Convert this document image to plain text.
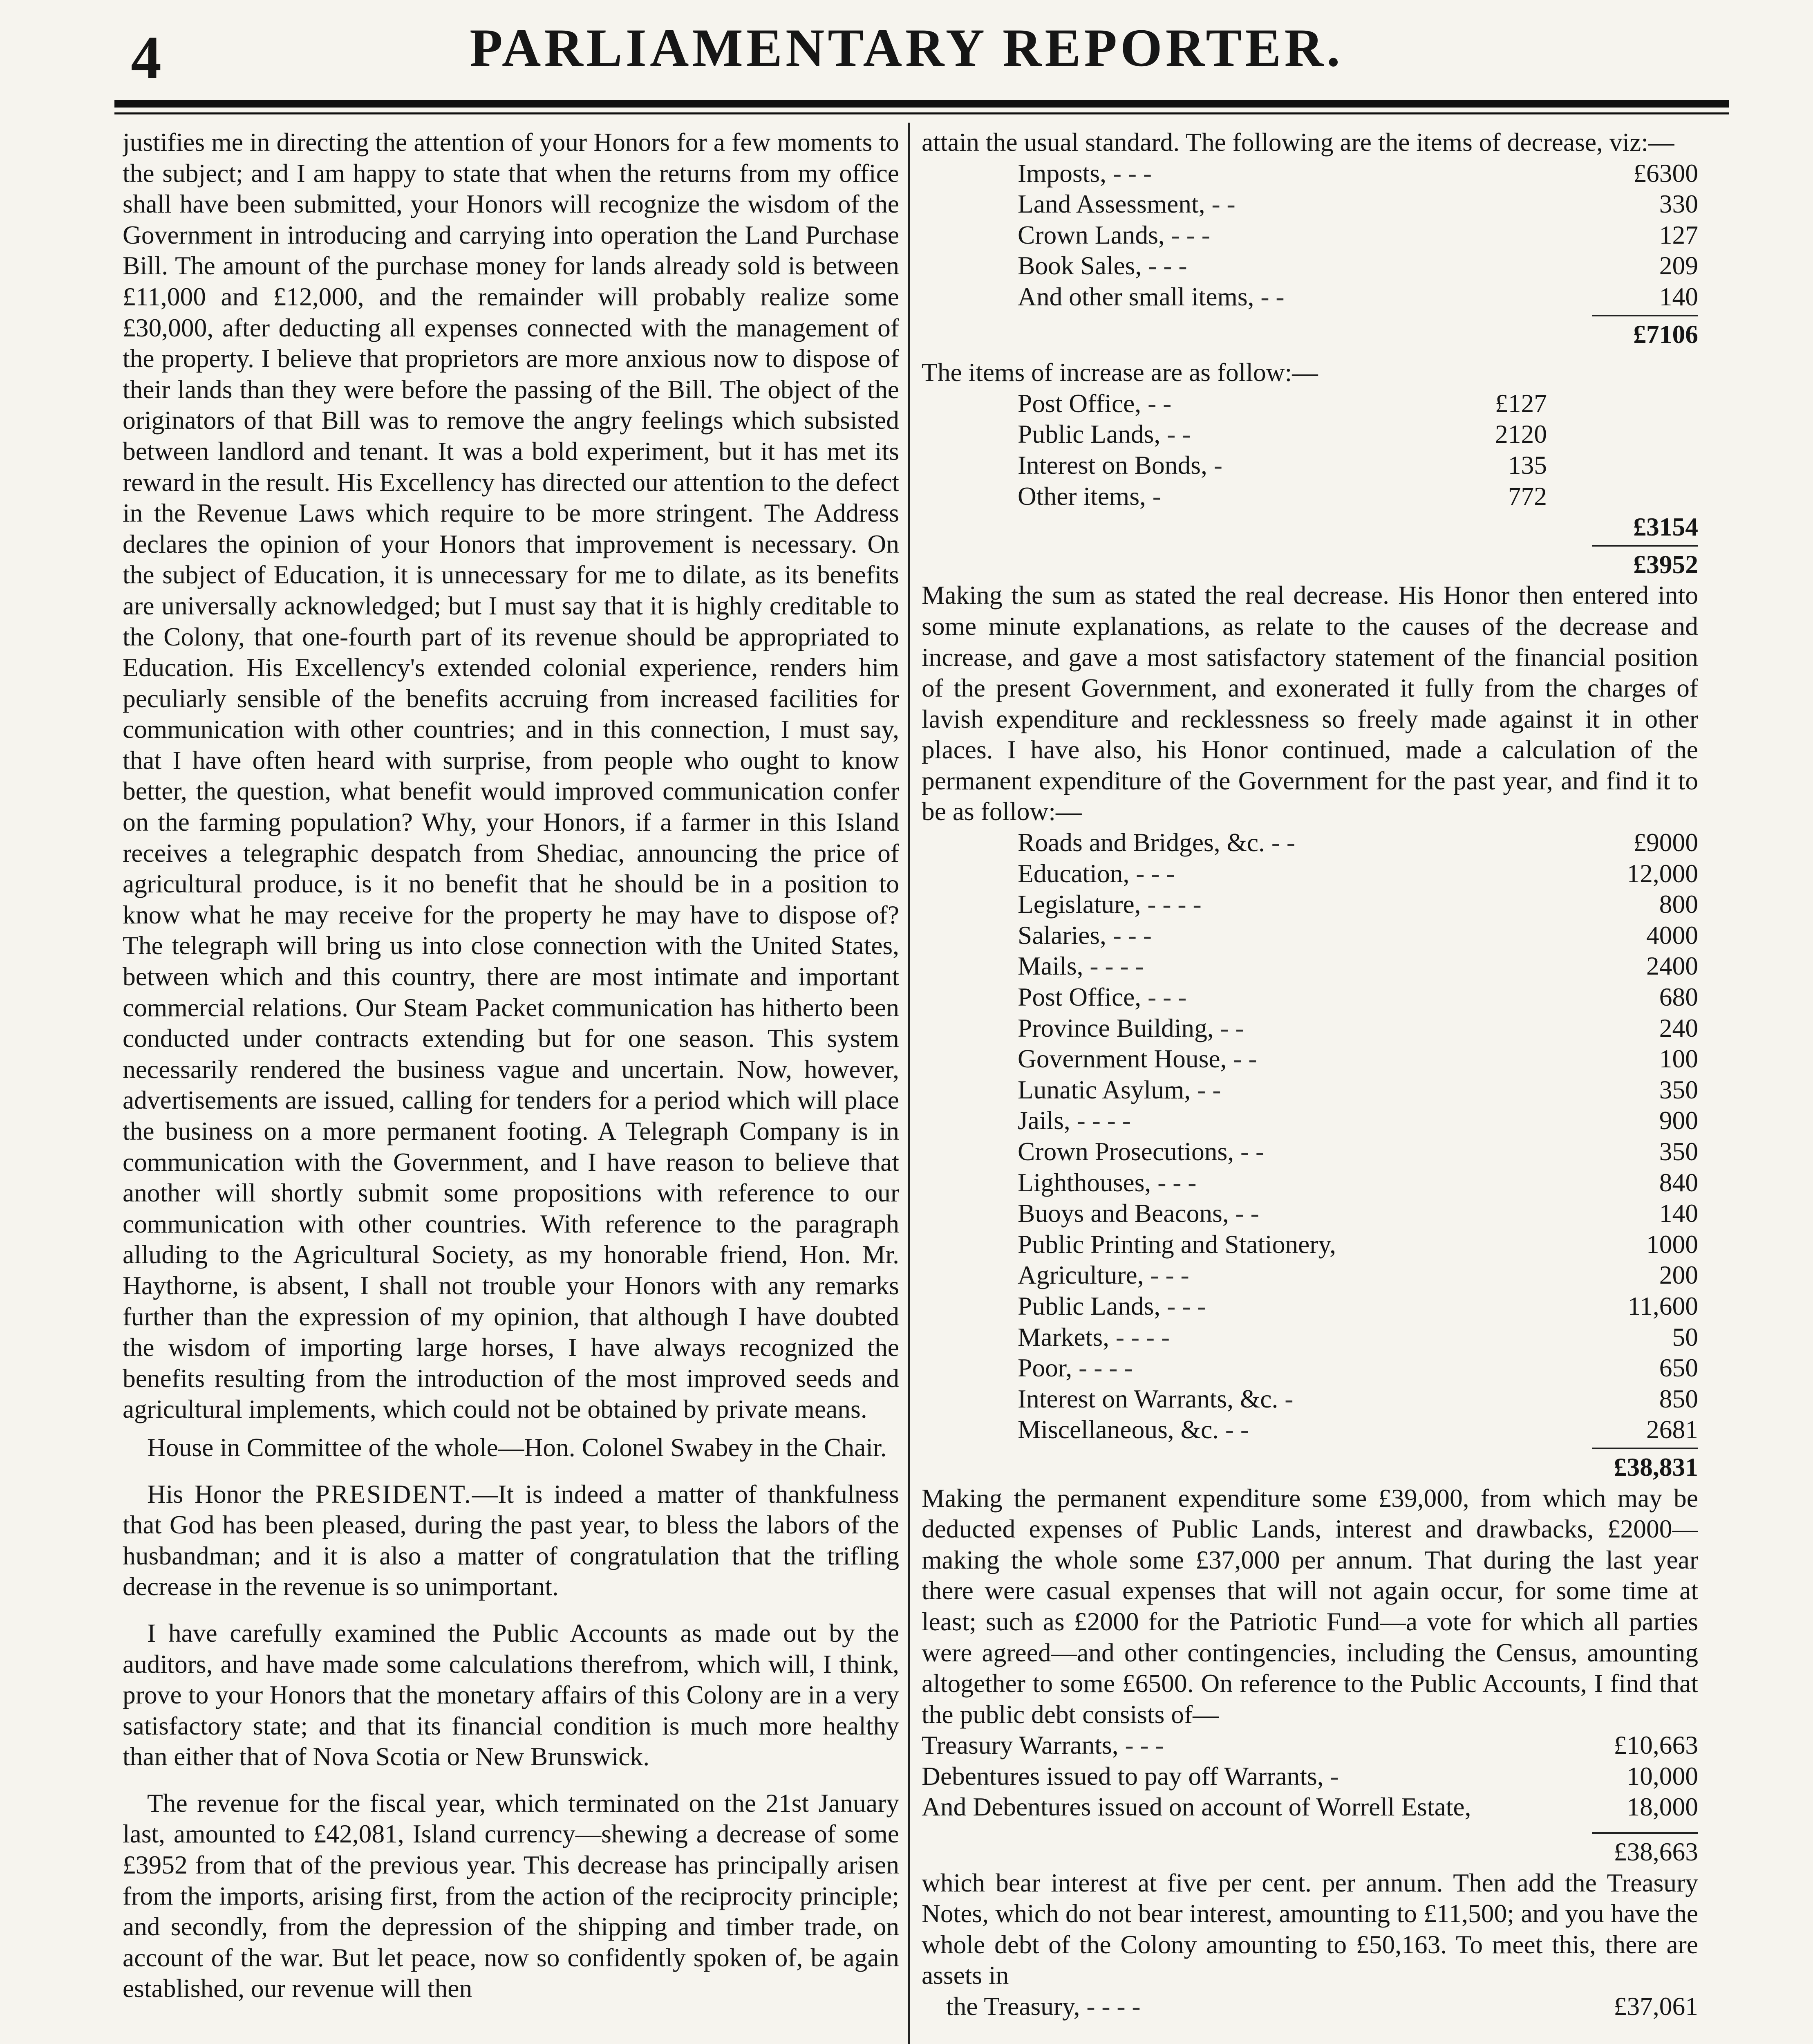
4	PARLIAMENTARY REPORTER.

justifies me in directing the attention of your Honors for a few moments to the subject; and I am happy to state that when the returns from my office shall have been submitted, your Honors will recognize the wisdom of the Government in introducing and carrying into operation the Land Purchase Bill. The amount of the purchase money for lands already sold is between £11,000 and £12,000, and the remainder will probably realize some £30,000, after deducting all expenses connected with the management of the property. I believe that proprietors are more anxious now to dispose of their lands than they were before the passing of the Bill. The object of the originators of that Bill was to remove the angry feelings which subsisted between landlord and tenant. It was a bold experiment, but it has met its reward in the result. His Excellency has directed our attention to the defect in the Revenue Laws which require to be more stringent. The Address declares the opinion of your Honors that improvement is necessary. On the subject of Education, it is unnecessary for me to dilate, as its benefits are universally acknowledged; but I must say that it is highly creditable to the Colony, that one-fourth part of its revenue should be appropriated to Education. His Excellency's extended colonial experience, renders him peculiarly sensible of the benefits accruing from increased facilities for communication with other countries; and in this connection, I must say, that I have often heard with surprise, from people who ought to know better, the question, what benefit would improved communication confer on the farming population? Why, your Honors, if a farmer in this Island receives a telegraphic despatch from Shediac, announcing the price of agricultural produce, is it no benefit that he should be in a position to know what he may receive for the property he may have to dispose of? The telegraph will bring us into close connection with the United States, between which and this country, there are most intimate and important commercial relations. Our Steam Packet communication has hitherto been conducted under contracts extending but for one season. This system necessarily rendered the business vague and uncertain. Now, however, advertisements are issued, calling for tenders for a period which will place the business on a more permanent footing. A Telegraph Company is in communication with the Government, and I have reason to believe that another will shortly submit some propositions with reference to our communication with other countries. With reference to the paragraph alluding to the Agricultural Society, as my honorable friend, Hon. Mr. Haythorne, is absent, I shall not trouble your Honors with any remarks further than the expression of my opinion, that although I have doubted the wisdom of importing large horses, I have always recognized the benefits resulting from the introduction of the most improved seeds and agricultural implements, which could not be obtained by private means.

House in Committee of the whole—Hon. Colonel Swabey in the Chair.

His Honor the PRESIDENT.—It is indeed a matter of thankfulness that God has been pleased, during the past year, to bless the labors of the husbandman; and it is also a matter of congratulation that the trifling decrease in the revenue is so unimportant.

I have carefully examined the Public Accounts as made out by the auditors, and have made some calculations therefrom, which will, I think, prove to your Honors that the monetary affairs of this Colony are in a very satisfactory state; and that its financial condition is much more healthy than either that of Nova Scotia or New Brunswick.

The revenue for the fiscal year, which terminated on the 21st January last, amounted to £42,081, Island currency—shewing a decrease of some £3952 from that of the previous year. This decrease has principally arisen from the imports, arising first, from the action of the reciprocity principle; and secondly, from the depression of the shipping and timber trade, on account of the war. But let peace, now so confidently spoken of, be again established, our revenue will then

attain the usual standard. The following are the items of decrease, viz:—

Imposts, - - -	£6300
Land Assessment, - -	330
Crown Lands, - - -	127
Book Sales, - - -	209
And other small items, - -	140
£7106

The items of increase are as follow:—

Post Office, - -	£127
Public Lands, - -	2120
Interest on Bonds, -	135
Other items, -	772
£3154
£3952

Making the sum as stated the real decrease. His Honor then entered into some minute explanations, as relate to the causes of the decrease and increase, and gave a most satisfactory statement of the financial position of the present Government, and exonerated it fully from the charges of lavish expenditure and recklessness so freely made against it in other places. I have also, his Honor continued, made a calculation of the permanent expenditure of the Government for the past year, and find it to be as follow:—

Roads and Bridges, &c. - -	£9000
Education, - - -	12,000
Legislature, - - - -	800
Salaries, - - -	4000
Mails, - - - -	2400
Post Office, - - -	680
Province Building, - -	240
Government House, - -	100
Lunatic Asylum, - -	350
Jails, - - - -	900
Crown Prosecutions, - -	350
Lighthouses, - - -	840
Buoys and Beacons, - -	140
Public Printing and Stationery,	1000
Agriculture, - - -	200
Public Lands, - - -	11,600
Markets, - - - -	50
Poor, - - - -	650
Interest on Warrants, &c. -	850
Miscellaneous, &c. - -	2681
£38,831

Making the permanent expenditure some £39,000, from which may be deducted expenses of Public Lands, interest and drawbacks, £2000—making the whole some £37,000 per annum. That during the last year there were casual expenses that will not again occur, for some time at least; such as £2000 for the Patriotic Fund—a vote for which all parties were agreed—and other contingencies, including the Census, amounting altogether to some £6500. On reference to the Public Accounts, I find that the public debt consists of—

Treasury Warrants, - - -	£10,663
Debentures issued to pay off Warrants, -	10,000
And Debentures issued on account of Worrell Estate,	18,000
£38,663

which bear interest at five per cent. per annum. Then add the Treasury Notes, which do not bear interest, amounting to £11,500; and you have the whole debt of the Colony amounting to £50,163. To meet this, there are assets in

the Treasury, - - - -	£37,061
